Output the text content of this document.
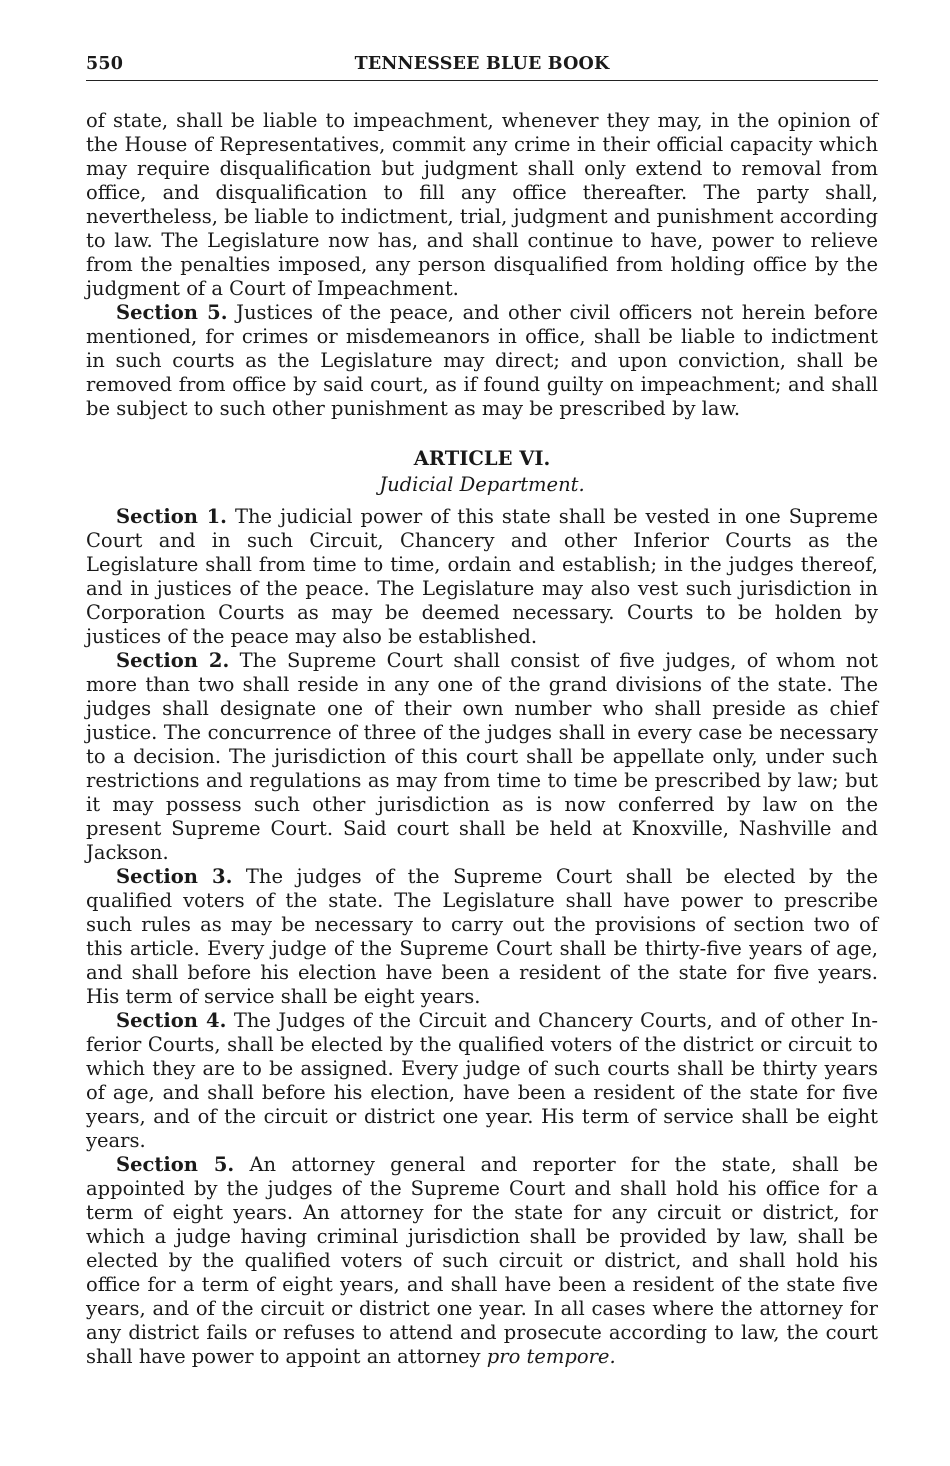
550	TENNESSEE BLUE BOOK

of state, shall be liable to impeachment, whenever they may, in the opinion of the House of Representatives, commit any crime in their official capacity which may require disqualification but judgment shall only extend to removal from office, and disqualification to fill any office thereafter. The party shall, nevertheless, be liable to indictment, trial, judgment and punishment according to law. The Legislature now has, and shall continue to have, power to relieve from the penalties imposed, any person disqualified from holding office by the judgment of a Court of Impeachment.

Section 5. Justices of the peace, and other civil officers not herein before mentioned, for crimes or misdemeanors in office, shall be liable to indictment in such courts as the Legislature may direct; and upon conviction, shall be removed from office by said court, as if found guilty on impeachment; and shall be subject to such other punishment as may be prescribed by law.

ARTICLE VI.
Judicial Department.

Section 1. The judicial power of this state shall be vested in one Supreme Court and in such Circuit, Chancery and other Inferior Courts as the Legislature shall from time to time, ordain and establish; in the judges thereof, and in justices of the peace. The Legislature may also vest such jurisdiction in Corporation Courts as may be deemed necessary. Courts to be holden by justices of the peace may also be established.

Section 2. The Supreme Court shall consist of five judges, of whom not more than two shall reside in any one of the grand divisions of the state. The judges shall designate one of their own number who shall preside as chief justice. The concurrence of three of the judges shall in every case be necessary to a decision. The jurisdiction of this court shall be appellate only, under such restrictions and regulations as may from time to time be prescribed by law; but it may possess such other jurisdiction as is now conferred by law on the present Supreme Court. Said court shall be held at Knoxville, Nashville and Jackson.

Section 3. The judges of the Supreme Court shall be elected by the qualified voters of the state. The Legislature shall have power to prescribe such rules as may be necessary to carry out the provisions of section two of this article. Every judge of the Supreme Court shall be thirty-five years of age, and shall before his election have been a resident of the state for five years. His term of service shall be eight years.

Section 4. The Judges of the Circuit and Chancery Courts, and of other Inferior Courts, shall be elected by the qualified voters of the district or circuit to which they are to be assigned. Every judge of such courts shall be thirty years of age, and shall before his election, have been a resident of the state for five years, and of the circuit or district one year. His term of service shall be eight years.

Section 5. An attorney general and reporter for the state, shall be appointed by the judges of the Supreme Court and shall hold his office for a term of eight years. An attorney for the state for any circuit or district, for which a judge having criminal jurisdiction shall be provided by law, shall be elected by the qualified voters of such circuit or district, and shall hold his office for a term of eight years, and shall have been a resident of the state five years, and of the circuit or district one year. In all cases where the attorney for any district fails or refuses to attend and prosecute according to law, the court shall have power to appoint an attorney pro tempore.
